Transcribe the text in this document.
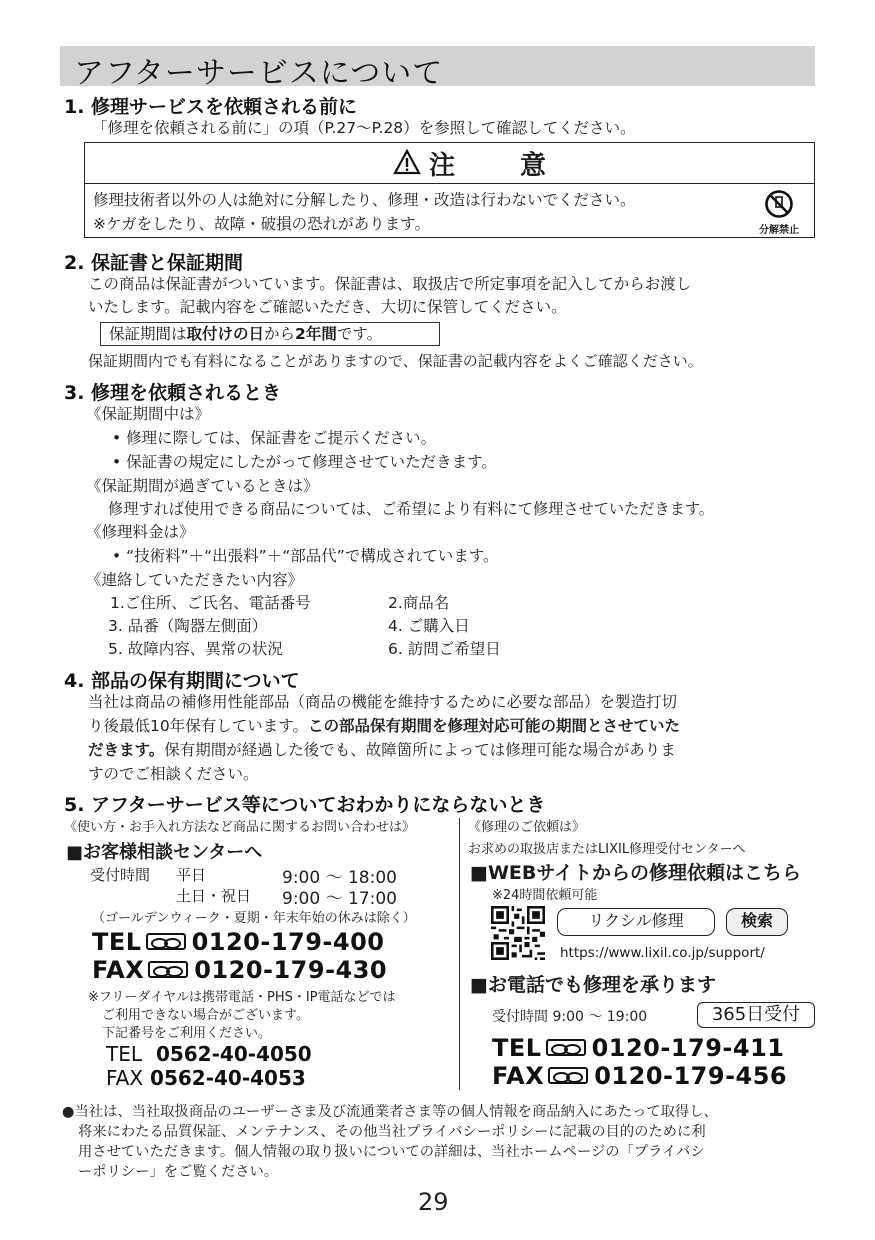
アフターサービスについて
1. 修理サービスを依頼される前に
「修理を依頼される前に」の項（P.27〜P.28）を参照して確認してください。
注 意
修理技術者以外の人は絶対に分解したり、修理・改造は行わないでください。
※ケガをしたり、故障・破損の恐れがあります。	分解禁止
2. 保証書と保証期間
この商品は保証書がついています。保証書は、取扱店で所定事項を記入してからお渡し
いたします。記載内容をご確認いただき、大切に保管してください。
保証期間は取付けの日から2年間です。
保証期間内でも有料になることがありますので、保証書の記載内容をよくご確認ください。
3. 修理を依頼されるとき
《保証期間中は》
• 修理に際しては、保証書をご提示ください。
• 保証書の規定にしたがって修理させていただきます。
《保証期間が過ぎているときは》
修理すれば使用できる商品については、ご希望により有料にて修理させていただきます。
《修理料金は》
• “技術料”＋“出張料”＋“部品代”で構成されています。
《連絡していただきたい内容》
1.ご住所、ご氏名、電話番号	2.商品名
3. 品番（陶器左側面）	4. ご購入日
5. 故障内容、異常の状況	6. 訪問ご希望日
4. 部品の保有期間について
当社は商品の補修用性能部品（商品の機能を維持するために必要な部品）を製造打切
り後最低10年保有しています。この部品保有期間を修理対応可能の期間とさせていた
だきます。保有期間が経過した後でも、故障箇所によっては修理可能な場合がありま
すのでご相談ください。
5. アフターサービス等についておわかりにならないとき
《使い方・お手入れ方法など商品に関するお問い合わせは》
■お客様相談センターへ
受付時間 平日	9:00 〜 18:00
土日・祝日 9:00 〜 17:00
（ゴールデンウィーク・夏期・年末年始の休みは除く）
TEL 0120-179-400
FAX 0120-179-430
※フリーダイヤルは携帯電話・PHS・IP電話などでは
ご利用できない場合がございます。
下記番号をご利用ください。
TEL 0562-40-4050
FAX 0562-40-4053
《修理のご依頼は》
お求めの取扱店またはLIXIL修理受付センターへ
■WEBサイトからの修理依頼はこちら
※24時間依頼可能
リクシル修理	検索
https://www.lixil.co.jp/support/
■お電話でも修理を承ります
受付時間 9:00 〜 19:00	365日受付
TEL 0120-179-411
FAX 0120-179-456
●当社は、当社取扱商品のユーザーさま及び流通業者さま等の個人情報を商品納入にあたって取得し、
将来にわたる品質保証、メンテナンス、その他当社プライバシーポリシーに記載の目的のために利
用させていただきます。個人情報の取り扱いについての詳細は、当社ホームページの「プライバシ
ーポリシー」をご覧ください。
29
